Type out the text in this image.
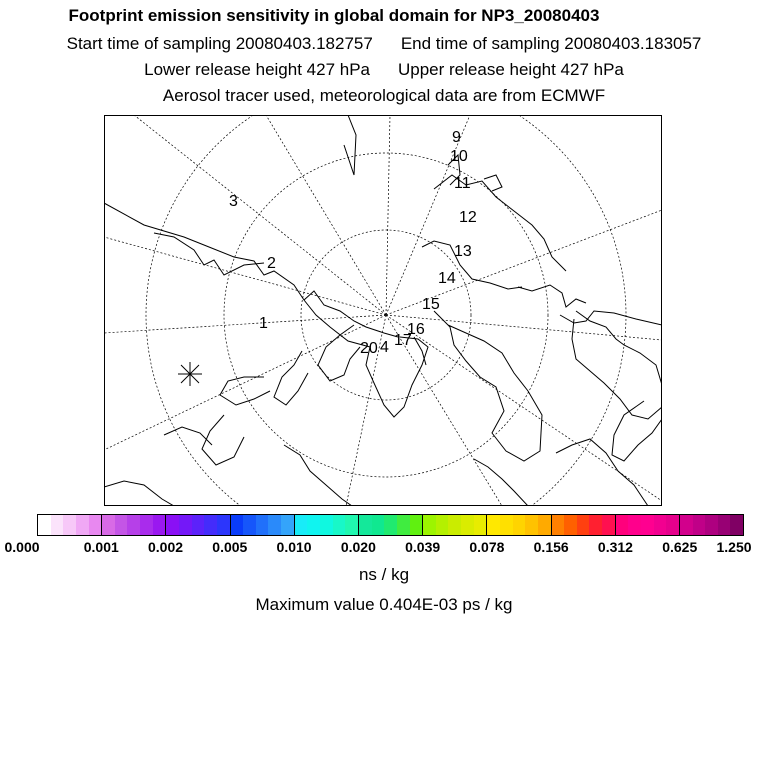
Footprint emission sensitivity in global domain for NP3_20080403
Start time of sampling 20080403.182757 End time of sampling 20080403.183057
Lower release height 427 hPa Upper release height 427 hPa
Aerosol tracer used, meteorological data are from ECMWF
9
10
11
12
13
14
15
16
17
20 4
1
2
3
0.000	0.001 0.002 0.005 0.010 0.020 0.039 0.078 0.156 0.312 0.625 1.250
ns / kg
Maximum value 0.404E-03 ps / kg
